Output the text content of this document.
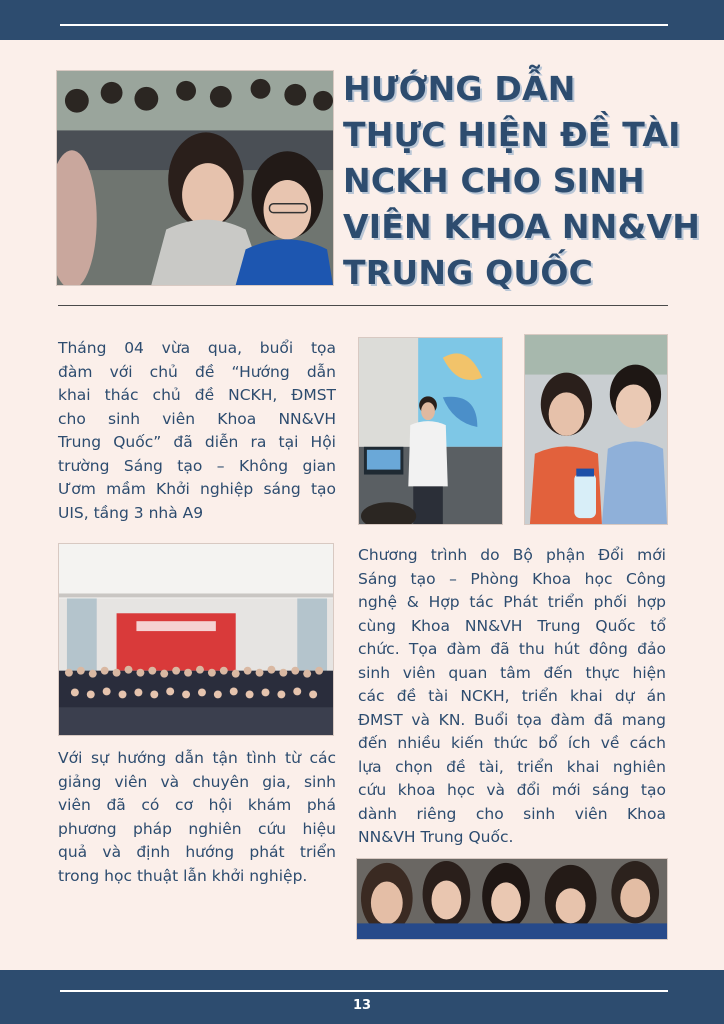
HƯỚNG DẪN
THỰC HIỆN ĐỀ TÀI
NCKH CHO SINH
VIÊN KHOA NN&VH
TRUNG QUỐC
Tháng 04 vừa qua, buổi tọa
đàm với chủ đề “Hướng dẫn
khai thác chủ đề NCKH, ĐMST
cho sinh viên Khoa NN&VH
Trung Quốc” đã diễn ra tại Hội
trường Sáng tạo – Không gian
Ươm mầm Khởi nghiệp sáng tạo
UIS, tầng 3 nhà A9
Chương trình do Bộ phận Đổi mới
Sáng tạo – Phòng Khoa học Công
nghệ & Hợp tác Phát triển phối hợp
cùng Khoa NN&VH Trung Quốc tổ
chức. Tọa đàm đã thu hút đông đảo
sinh viên quan tâm đến thực hiện
các đề tài NCKH, triển khai dự án
ĐMST và KN. Buổi tọa đàm đã mang
đến nhiều kiến thức bổ ích về cách
lựa chọn đề tài, triển khai nghiên
cứu khoa học và đổi mới sáng tạo
dành riêng cho sinh viên Khoa
NN&VH Trung Quốc.
Với sự hướng dẫn tận tình từ các
giảng viên và chuyên gia, sinh
viên đã có cơ hội khám phá
phương pháp nghiên cứu hiệu
quả và định hướng phát triển
trong học thuật lẫn khởi nghiệp.
13
